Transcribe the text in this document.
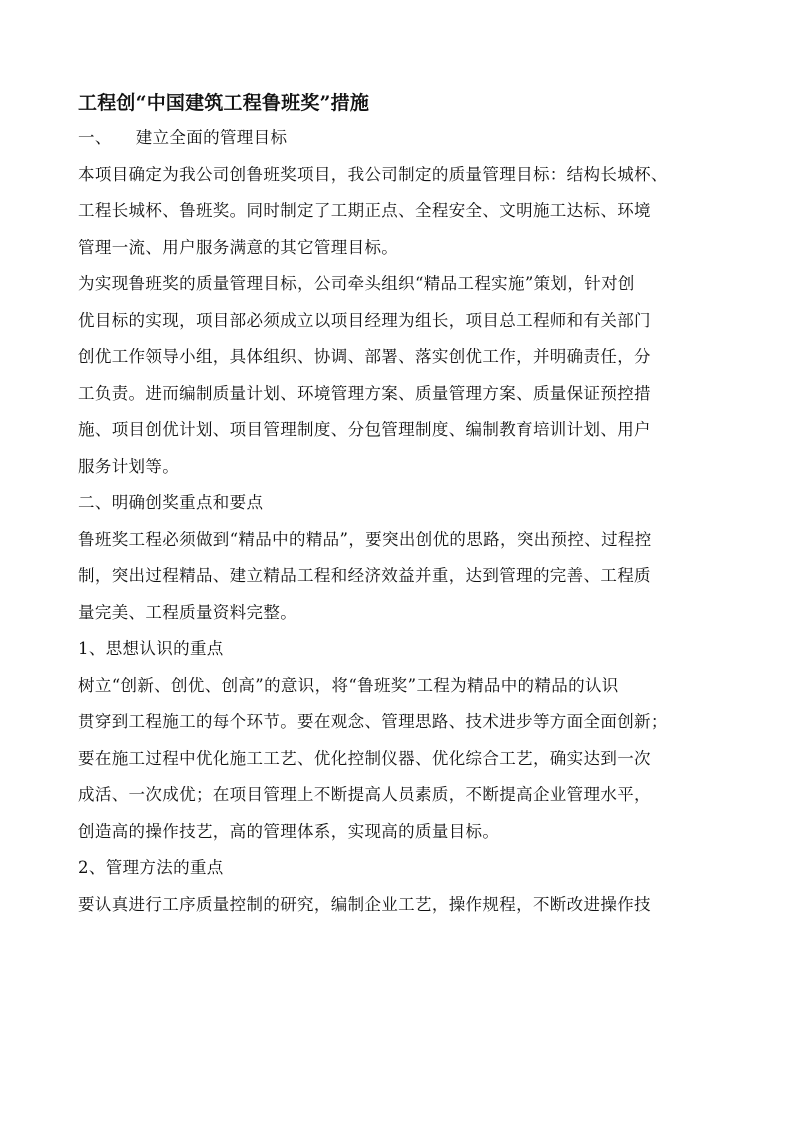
工程创“中国建筑工程鲁班奖”措施
一、 建立全面的管理目标
本项目确定为我公司创鲁班奖项目，我公司制定的质量管理目标：结构长城杯、
工程长城杯、鲁班奖。同时制定了工期正点、全程安全、文明施工达标、环境
管理一流、用户服务满意的其它管理目标。
为实现鲁班奖的质量管理目标，公司牵头组织“精品工程实施”策划，针对创
优目标的实现，项目部必须成立以项目经理为组长，项目总工程师和有关部门
创优工作领导小组，具体组织、协调、部署、落实创优工作，并明确责任，分
工负责。进而编制质量计划、环境管理方案、质量管理方案、质量保证预控措
施、项目创优计划、项目管理制度、分包管理制度、编制教育培训计划、用户
服务计划等。
二、明确创奖重点和要点
鲁班奖工程必须做到“精品中的精品”，要突出创优的思路，突出预控、过程控
制，突出过程精品、建立精品工程和经济效益并重，达到管理的完善、工程质
量完美、工程质量资料完整。
1、思想认识的重点
树立“创新、创优、创高”的意识，将“鲁班奖”工程为精品中的精品的认识
贯穿到工程施工的每个环节。要在观念、管理思路、技术进步等方面全面创新；
要在施工过程中优化施工工艺、优化控制仪器、优化综合工艺，确实达到一次
成活、一次成优；在项目管理上不断提高人员素质，不断提高企业管理水平，
创造高的操作技艺，高的管理体系，实现高的质量目标。
2、管理方法的重点
要认真进行工序质量控制的研究，编制企业工艺，操作规程，不断改进操作技
